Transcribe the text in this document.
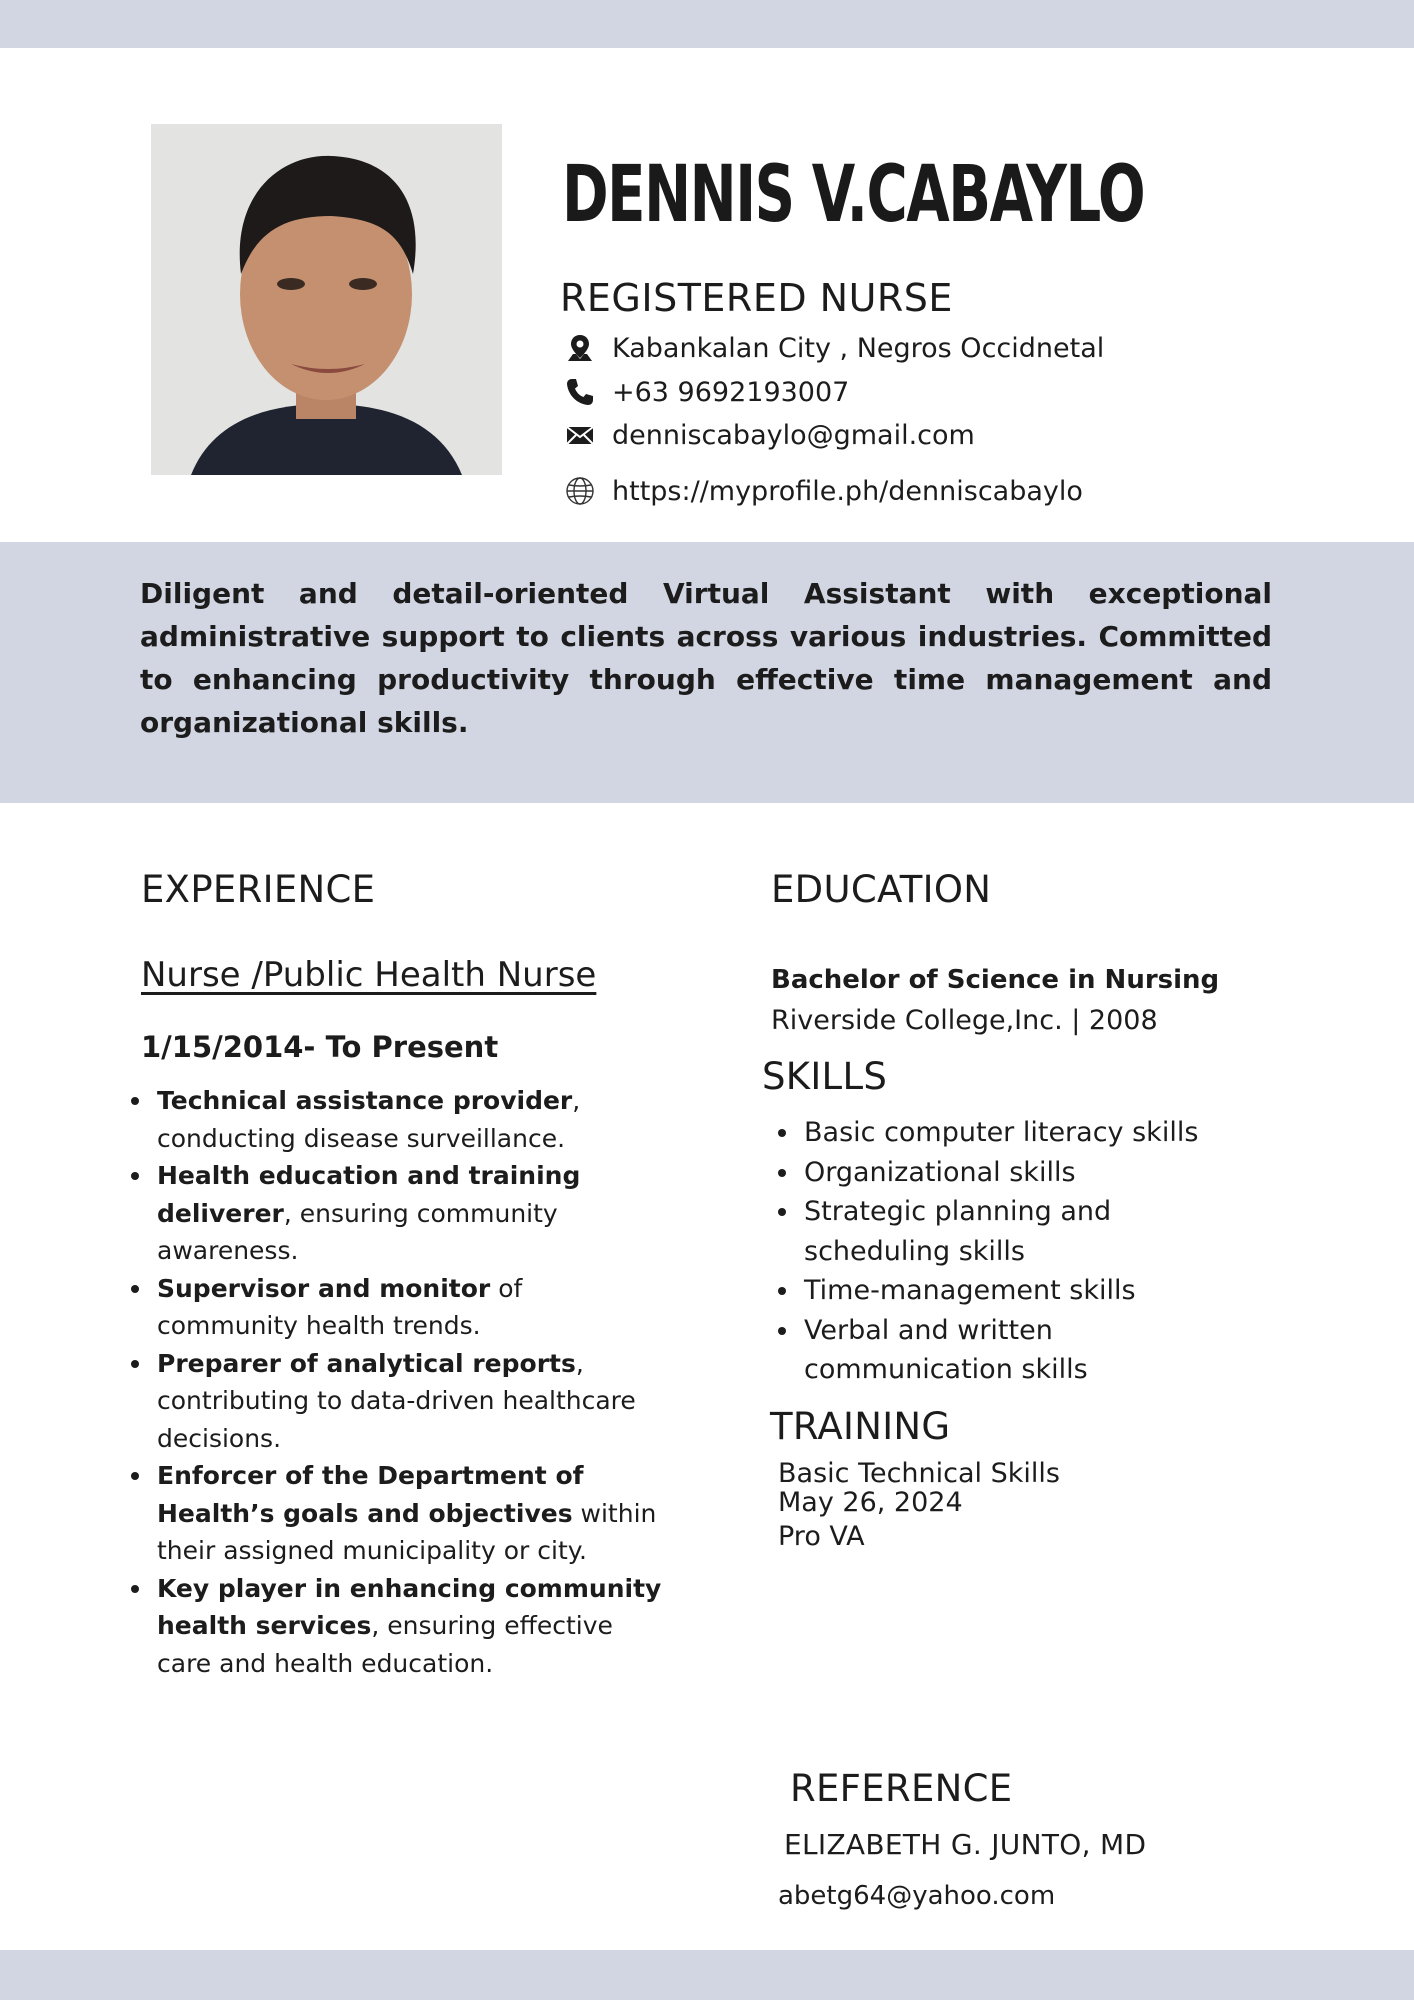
DENNIS V.CABAYLO
REGISTERED NURSE
Kabankalan City , Negros Occidnetal
+63 9692193007
denniscabaylo@gmail.com
https://myprofile.ph/denniscabaylo

Diligent and detail-oriented Virtual Assistant with exceptional administrative support to clients across various industries. Committed to enhancing productivity through effective time management and organizational skills.

EXPERIENCE
Nurse /Public Health Nurse
1/15/2014- To Present
Technical assistance provider, conducting disease surveillance.
Health education and training deliverer, ensuring community awareness.
Supervisor and monitor of community health trends.
Preparer of analytical reports, contributing to data-driven healthcare decisions.
Enforcer of the Department of Health’s goals and objectives within their assigned municipality or city.
Key player in enhancing community health services, ensuring effective care and health education.
EDUCATION
Bachelor of Science in Nursing
Riverside College,Inc. | 2008
SKILLS
Basic computer literacy skills
Organizational skills
Strategic planning and scheduling skills
Time-management skills
Verbal and written communication skills
TRAINING
Basic Technical Skills
May 26, 2024
Pro VA
REFERENCE
ELIZABETH G. JUNTO, MD
abetg64@yahoo.com
